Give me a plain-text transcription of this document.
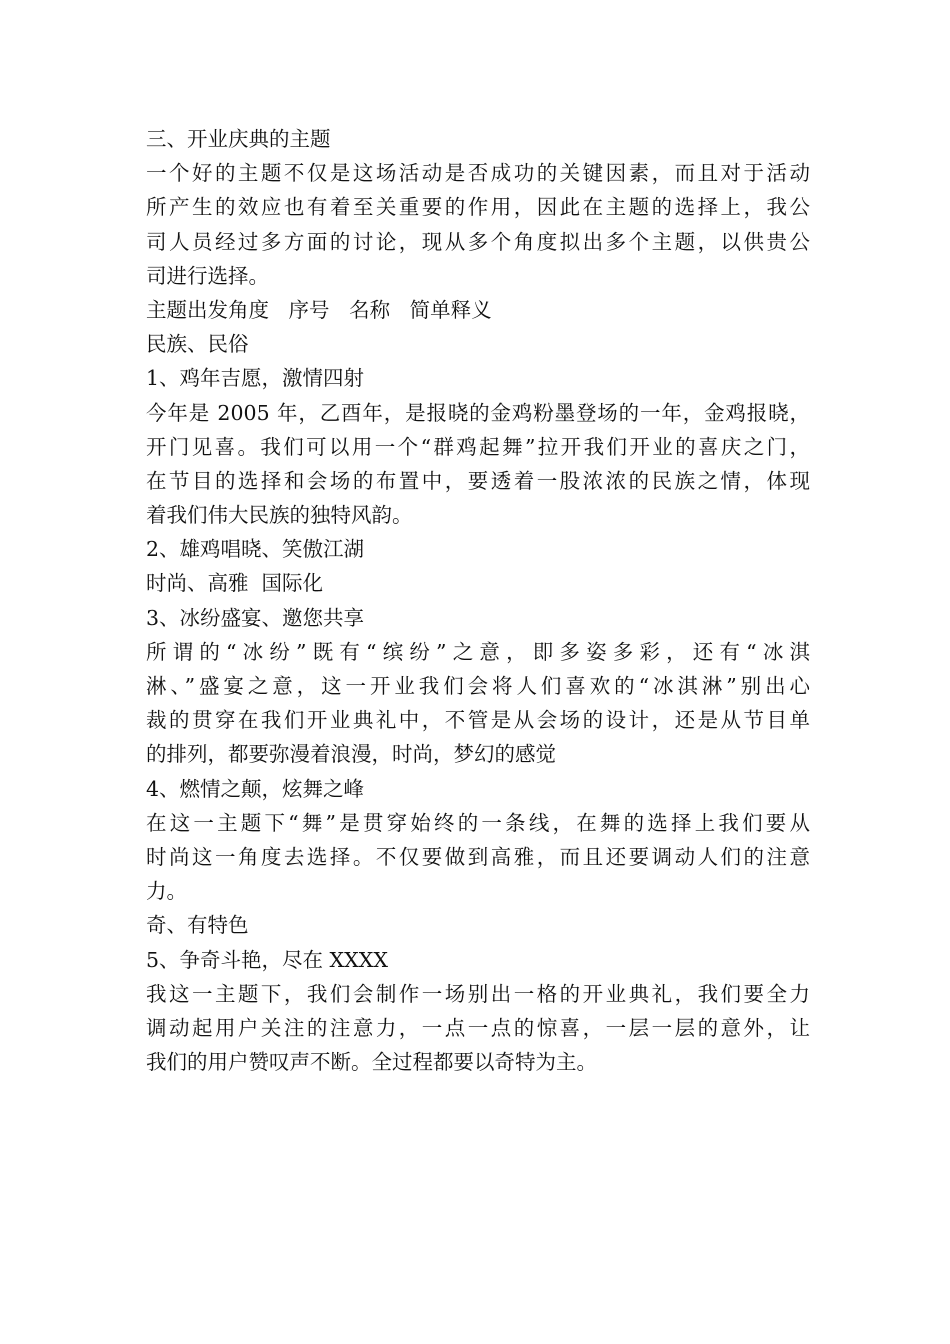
三、开业庆典的主题
一个好的主题不仅是这场活动是否成功的关键因素，而且对于活动
所产生的效应也有着至关重要的作用，因此在主题的选择上，我公
司人员经过多方面的讨论，现从多个角度拟出多个主题，以供贵公
司进行选择。
主题出发角度   序号   名称   简单释义
民族、民俗
1、鸡年吉愿，激情四射
今年是 2005 年，乙酉年，是报晓的金鸡粉墨登场的一年，金鸡报晓，
开门见喜。我们可以用一个“群鸡起舞”拉开我们开业的喜庆之门，
在节目的选择和会场的布置中，要透着一股浓浓的民族之情，体现
着我们伟大民族的独特风韵。
2、雄鸡唱晓、笑傲江湖
时尚、高雅  国际化
3、冰纷盛宴、邀您共享
所谓的“冰纷”既有“缤纷”之意，即多姿多彩，还有“冰淇
淋、”盛宴之意，这一开业我们会将人们喜欢的“冰淇淋”别出心
裁的贯穿在我们开业典礼中，不管是从会场的设计，还是从节目单
的排列，都要弥漫着浪漫，时尚，梦幻的感觉
4、燃情之颠，炫舞之峰
在这一主题下“舞”是贯穿始终的一条线，在舞的选择上我们要从
时尚这一角度去选择。不仅要做到高雅，而且还要调动人们的注意
力。
奇、有特色
5、争奇斗艳，尽在 XXXX
我这一主题下，我们会制作一场别出一格的开业典礼，我们要全力
调动起用户关注的注意力，一点一点的惊喜，一层一层的意外，让
我们的用户赞叹声不断。全过程都要以奇特为主。
